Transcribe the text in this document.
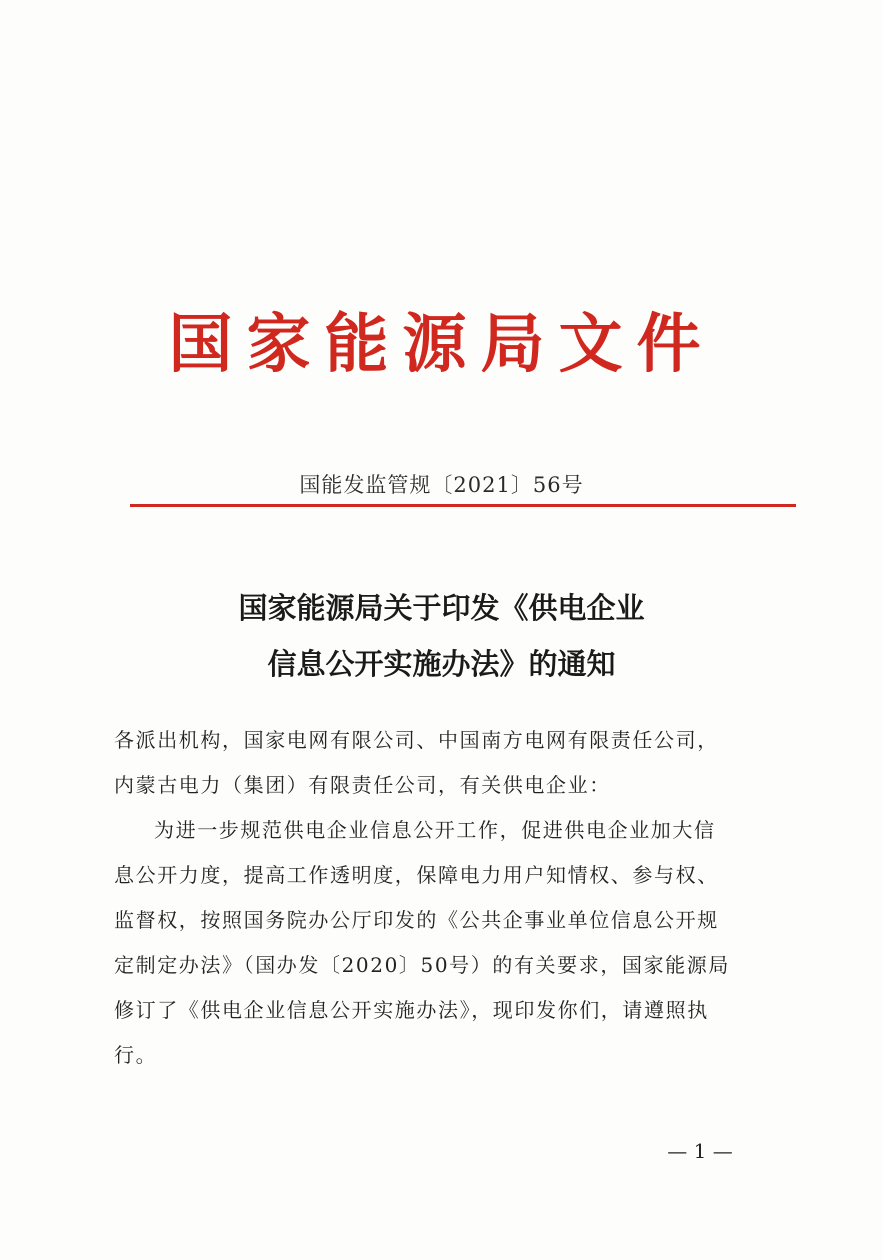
国家能源局文件
国能发监管规〔2021〕56号
国家能源局关于印发《供电企业
信息公开实施办法》的通知
各派出机构，国家电网有限公司、中国南方电网有限责任公司，
内蒙古电力（集团）有限责任公司，有关供电企业：
为进一步规范供电企业信息公开工作，促进供电企业加大信
息公开力度，提高工作透明度，保障电力用户知情权、参与权、
监督权，按照国务院办公厅印发的《公共企事业单位信息公开规
定制定办法》（国办发〔2020〕50号）的有关要求，国家能源局
修订了《供电企业信息公开实施办法》，现印发你们，请遵照执
行。
— 1 —
